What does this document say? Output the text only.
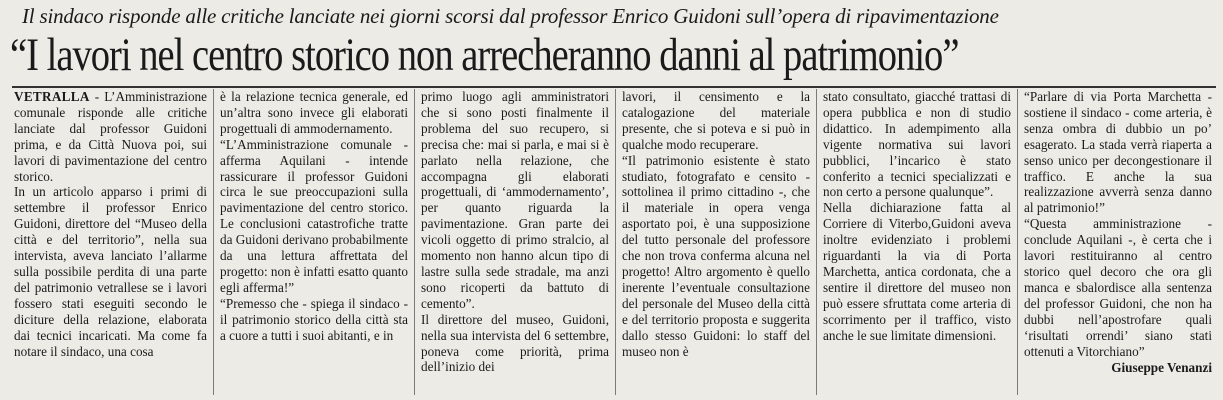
Il sindaco risponde alle critiche lanciate nei giorni scorsi dal professor Enrico Guidoni sull’opera di ripavimentazione
“I lavori nel centro storico non arrecheranno danni al patrimonio”

VETRALLA - L’Amministrazione comunale risponde alle critiche lanciate dal professor Guidoni prima, e da Città Nuova poi, sui lavori di pavimentazione del centro storico.

In un articolo apparso i primi di settembre il professor Enrico Guidoni, direttore del “Museo della città e del territorio”, nella sua intervista, aveva lanciato l’allarme sulla possibile perdita di una parte del patrimonio vetrallese se i lavori fossero stati eseguiti secondo le diciture della relazione, elaborata dai tecnici incaricati. Ma come fa notare il sindaco, una cosa

è la relazione tecnica generale, ed un’altra sono invece gli elaborati progettuali di ammodernamento.

“L’Amministrazione comunale - afferma Aquilani - intende rassicurare il professor Guidoni circa le sue preoccupazioni sulla pavimentazione del centro storico. Le conclusioni catastrofiche tratte da Guidoni derivano probabilmente da una lettura affrettata del progetto: non è infatti esatto quanto egli afferma!”

“Premesso che - spiega il sindaco - il patrimonio storico della città sta a cuore a tutti i suoi abitanti, e in

primo luogo agli amministratori che si sono posti finalmente il problema del suo recupero, si precisa che: mai si parla, e mai si è parlato nella relazione, che accompagna gli elaborati progettuali, di ‘ammodernamento’, per quanto riguarda la pavimentazione. Gran parte dei vicoli oggetto di primo stralcio, al momento non hanno alcun tipo di lastre sulla sede stradale, ma anzi sono ricoperti da battuto di cemento”.

Il direttore del museo, Guidoni, nella sua intervista del 6 settembre, poneva come priorità, prima dell’inizio dei

lavori, il censimento e la catalogazione del materiale presente, che si poteva e si può in qualche modo recuperare.

“Il patrimonio esistente è stato studiato, fotografato e censito - sottolinea il primo cittadino -, che il materiale in opera venga asportato poi, è una supposizione del tutto personale del professore che non trova conferma alcuna nel progetto! Altro argomento è quello inerente l’eventuale consultazione del personale del Museo della città e del territorio proposta e suggerita dallo stesso Guidoni: lo staff del museo non è

stato consultato, giacché trattasi di opera pubblica e non di studio didattico. In adempimento alla vigente normativa sui lavori pubblici, l’incarico è stato conferito a tecnici specializzati e non certo a persone qualunque”.

Nella dichiarazione fatta al Corriere di Viterbo,Guidoni aveva inoltre evidenziato i problemi riguardanti la via di Porta Marchetta, antica cordonata, che a sentire il direttore del museo non può essere sfruttata come arteria di scorrimento per il traffico, visto anche le sue limitate dimensioni.

“Parlare di via Porta Marchetta - sostiene il sindaco - come arteria, è senza ombra di dubbio un po’ esagerato. La stada verrà riaperta a senso unico per decongestionare il traffico. E anche la sua realizzazione avverrà senza danno al patrimonio!”

“Questa amministrazione - conclude Aquilani -, è certa che i lavori restituiranno al centro storico quel decoro che ora gli manca e sbalordisce alla sentenza del professor Guidoni, che non ha dubbi nell’apostrofare quali ‘risultati orrendi’ siano stati ottenuti a Vitorchiano”

Giuseppe Venanzi
